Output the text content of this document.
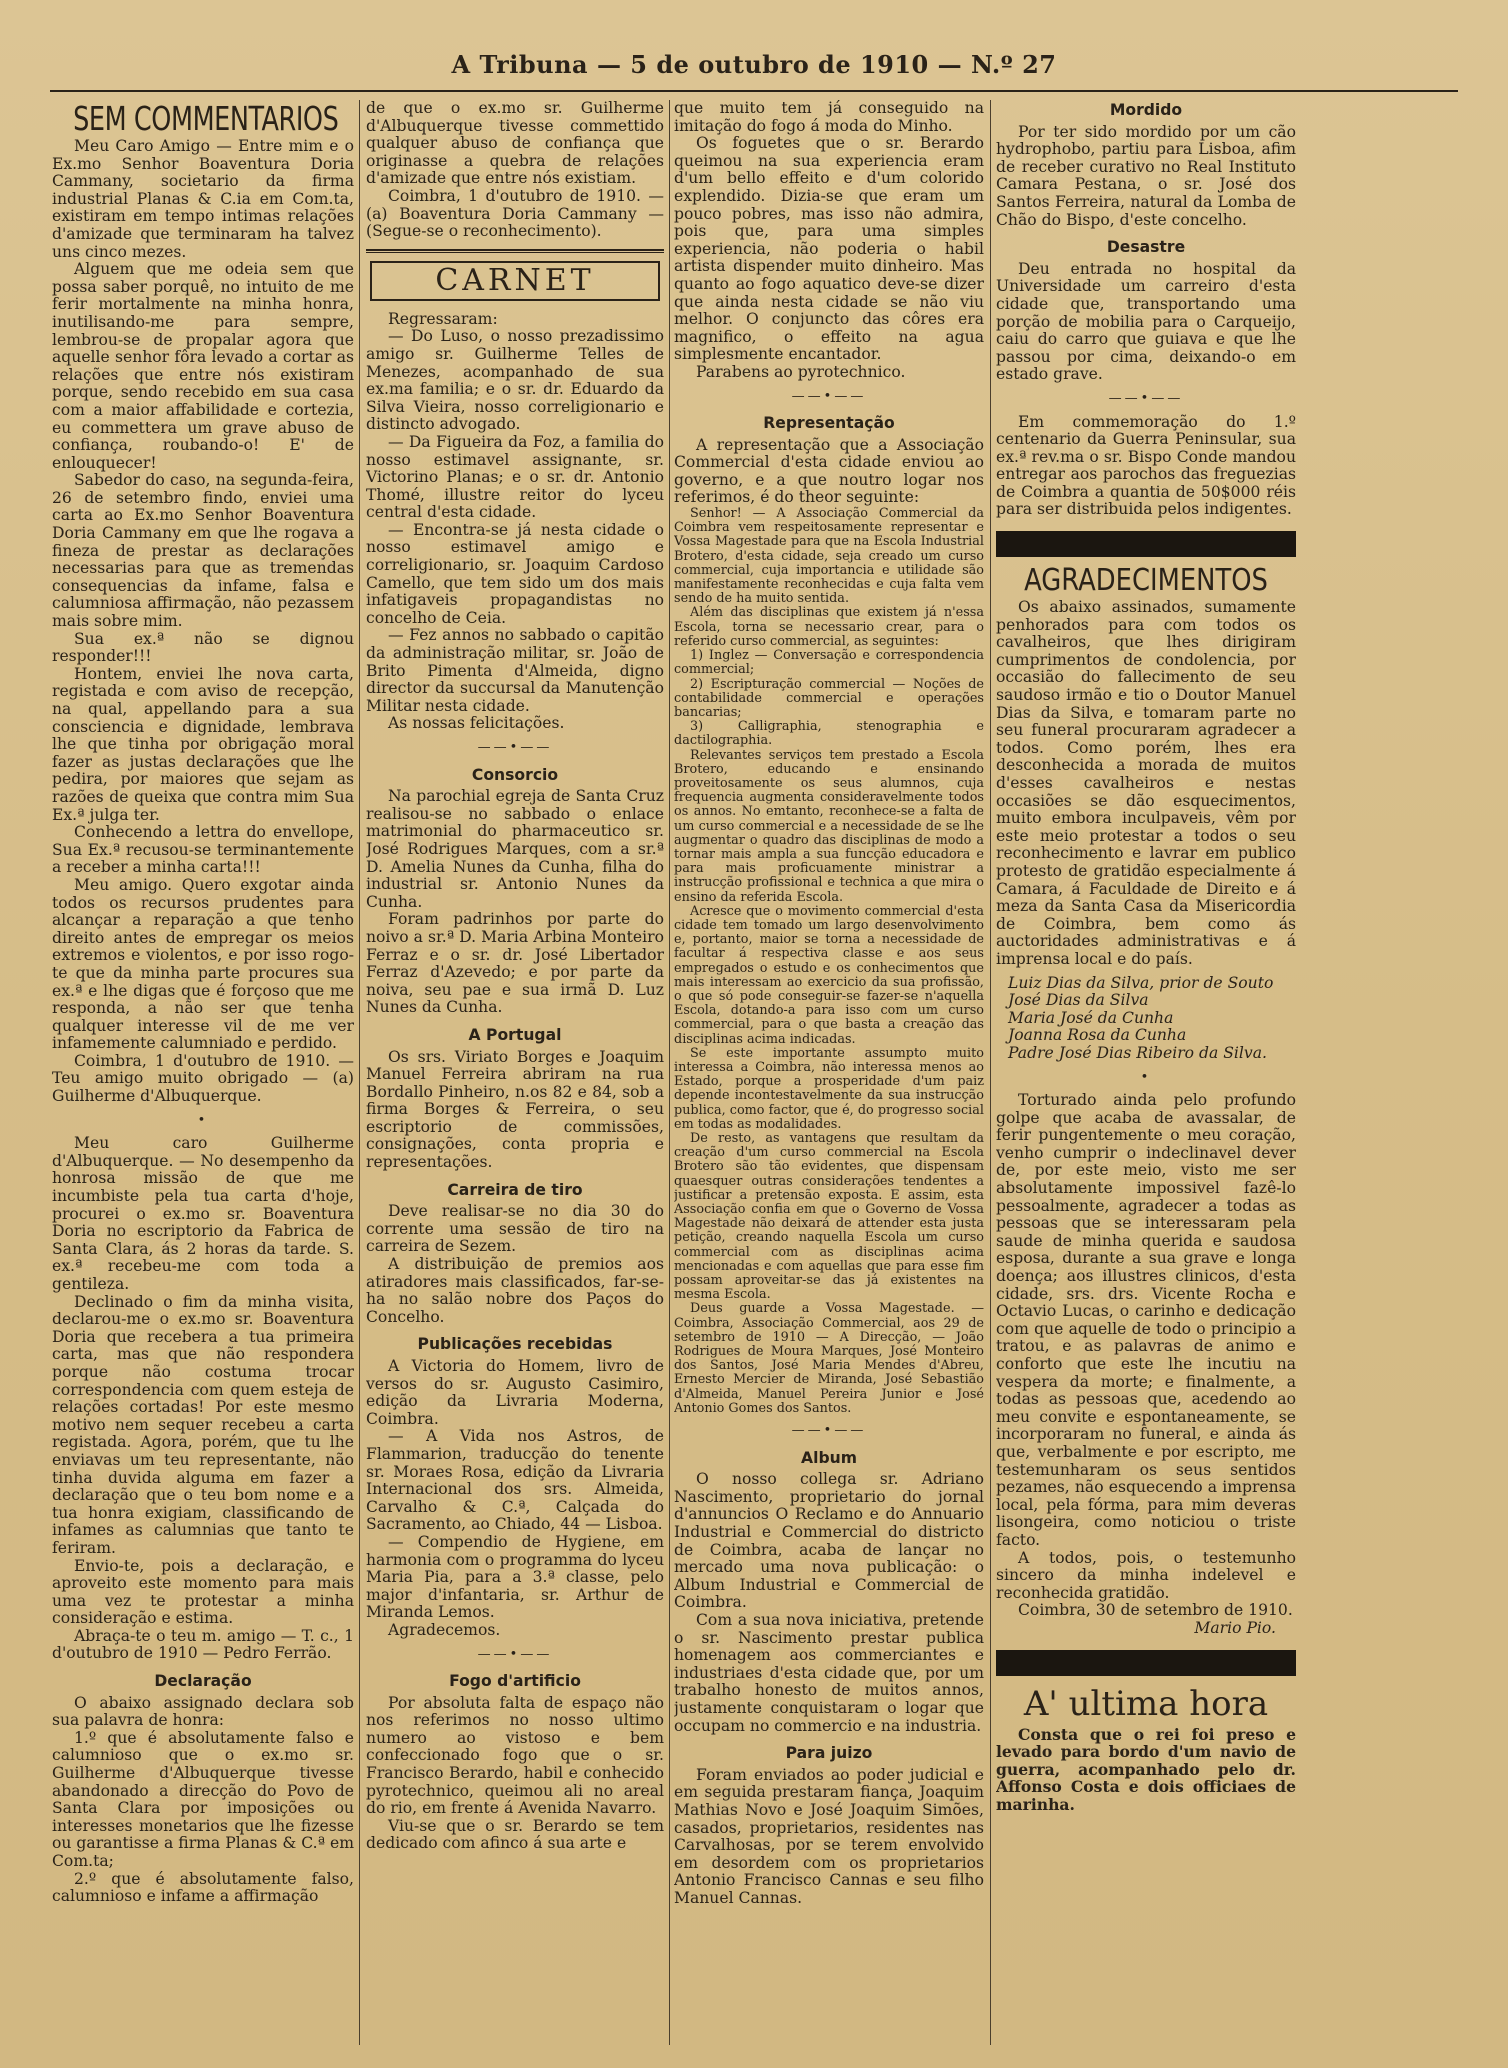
A Tribuna — 5 de outubro de 1910 — N.º 27
SEM COMMENTARIOS

Meu Caro Amigo — Entre mim e o Ex.mo Senhor Boaventura Doria Cammany, societario da firma industrial Planas & C.ia em Com.ta, existiram em tempo intimas relações d'amizade que terminaram ha talvez uns cinco mezes.

Alguem que me odeia sem que possa saber porquê, no intuito de me ferir mortalmente na minha honra, inutilisando-me para sempre, lembrou-se de propalar agora que aquelle senhor fôra levado a cortar as relações que entre nós existiram porque, sendo recebido em sua casa com a maior affabilidade e cortezia, eu commettera um grave abuso de confiança, roubando-o! E' de enlouquecer!

Sabedor do caso, na segunda-feira, 26 de setembro findo, enviei uma carta ao Ex.mo Senhor Boaventura Doria Cammany em que lhe rogava a fineza de prestar as declarações necessarias para que as tremendas consequencias da infame, falsa e calumniosa affirmação, não pezassem mais sobre mim.

Sua ex.ª não se dignou responder!!!

Hontem, enviei lhe nova carta, registada e com aviso de recepção, na qual, appellando para a sua consciencia e dignidade, lembrava lhe que tinha por obrigação moral fazer as justas declarações que lhe pedira, por maiores que sejam as razões de queixa que contra mim Sua Ex.ª julga ter.

Conhecendo a lettra do envellope, Sua Ex.ª recusou-se terminantemente a receber a minha carta!!!

Meu amigo. Quero exgotar ainda todos os recursos prudentes para alcançar a reparação a que tenho direito antes de empregar os meios extremos e violentos, e por isso rogo-te que da minha parte procures sua ex.ª e lhe digas que é forçoso que me responda, a não ser que tenha qualquer interesse vil de me ver infamemente calumniado e perdido.

Coimbra, 1 d'outubro de 1910. — Teu amigo muito obrigado — (a) Guilherme d'Albuquerque.

•

Meu caro Guilherme d'Albuquerque. — No desempenho da honrosa missão de que me incumbiste pela tua carta d'hoje, procurei o ex.mo sr. Boaventura Doria no escriptorio da Fabrica de Santa Clara, ás 2 horas da tarde. S. ex.ª recebeu-me com toda a gentileza.

Declinado o fim da minha visita, declarou-me o ex.mo sr. Boaventura Doria que recebera a tua primeira carta, mas que não respondera porque não costuma trocar correspondencia com quem esteja de relações cortadas! Por este mesmo motivo nem sequer recebeu a carta registada. Agora, porém, que tu lhe enviavas um teu representante, não tinha duvida alguma em fazer a declaração que o teu bom nome e a tua honra exigiam, classificando de infames as calumnias que tanto te feriram.

Envio-te, pois a declaração, e aproveito este momento para mais uma vez te protestar a minha consideração e estima.

Abraça-te o teu m. amigo — T. c., 1 d'outubro de 1910 — Pedro Ferrão.

Declaração

O abaixo assignado declara sob sua palavra de honra:

1.º que é absolutamente falso e calumnioso que o ex.mo sr. Guilherme d'Albuquerque tivesse abandonado a direcção do Povo de Santa Clara por imposições ou interesses monetarios que lhe fizesse ou garantisse a firma Planas & C.ª em Com.ta;

2.º que é absolutamente falso, calumnioso e infame a affirmação

de que o ex.mo sr. Guilherme d'Albuquerque tivesse commettido qualquer abuso de confiança que originasse a quebra de relações d'amizade que entre nós existiam.

Coimbra, 1 d'outubro de 1910. — (a) Boaventura Doria Cammany — (Segue-se o reconhecimento).

CARNET

Regressaram:

— Do Luso, o nosso prezadissimo amigo sr. Guilherme Telles de Menezes, acompanhado de sua ex.ma familia; e o sr. dr. Eduardo da Silva Vieira, nosso correligionario e distincto advogado.

— Da Figueira da Foz, a familia do nosso estimavel assignante, sr. Victorino Planas; e o sr. dr. Antonio Thomé, illustre reitor do lyceu central d'esta cidade.

— Encontra-se já nesta cidade o nosso estimavel amigo e correligionario, sr. Joaquim Cardoso Camello, que tem sido um dos mais infatigaveis propagandistas no concelho de Ceia.

— Fez annos no sabbado o capitão da administração militar, sr. João de Brito Pimenta d'Almeida, digno director da succursal da Manutenção Militar nesta cidade.

As nossas felicitações.

——•——
Consorcio

Na parochial egreja de Santa Cruz realisou-se no sabbado o enlace matrimonial do pharmaceutico sr. José Rodrigues Marques, com a sr.ª D. Amelia Nunes da Cunha, filha do industrial sr. Antonio Nunes da Cunha.

Foram padrinhos por parte do noivo a sr.ª D. Maria Arbina Monteiro Ferraz e o sr. dr. José Libertador Ferraz d'Azevedo; e por parte da noiva, seu pae e sua irmã D. Luz Nunes da Cunha.

A Portugal

Os srs. Viriato Borges e Joaquim Manuel Ferreira abriram na rua Bordallo Pinheiro, n.os 82 e 84, sob a firma Borges & Ferreira, o seu escriptorio de commissões, consignações, conta propria e representações.

Carreira de tiro

Deve realisar-se no dia 30 do corrente uma sessão de tiro na carreira de Sezem.

A distribuição de premios aos atiradores mais classificados, far-se-ha no salão nobre dos Paços do Concelho.

Publicações recebidas

A Victoria do Homem, livro de versos do sr. Augusto Casimiro, edição da Livraria Moderna, Coimbra.

— A Vida nos Astros, de Flammarion, traducção do tenente sr. Moraes Rosa, edição da Livraria Internacional dos srs. Almeida, Carvalho & C.ª, Calçada do Sacramento, ao Chiado, 44 — Lisboa.

— Compendio de Hygiene, em harmonia com o programma do lyceu Maria Pia, para a 3.ª classe, pelo major d'infantaria, sr. Arthur de Miranda Lemos.

Agradecemos.

——•——
Fogo d'artificio

Por absoluta falta de espaço não nos referimos no nosso ultimo numero ao vistoso e bem confeccionado fogo que o sr. Francisco Berardo, habil e conhecido pyrotechnico, queimou ali no areal do rio, em frente á Avenida Navarro.

Viu-se que o sr. Berardo se tem dedicado com afinco á sua arte e

que muito tem já conseguido na imitação do fogo á moda do Minho.

Os foguetes que o sr. Berardo queimou na sua experiencia eram d'um bello effeito e d'um colorido explendido. Dizia-se que eram um pouco pobres, mas isso não admira, pois que, para uma simples experiencia, não poderia o habil artista dispender muito dinheiro. Mas quanto ao fogo aquatico deve-se dizer que ainda nesta cidade se não viu melhor. O conjuncto das côres era magnifico, o effeito na agua simplesmente encantador.

Parabens ao pyrotechnico.

——•——
Representação

A representação que a Associação Commercial d'esta cidade enviou ao governo, e a que noutro logar nos referimos, é do theor seguinte:

Senhor! — A Associação Commercial da Coimbra vem respeitosamente representar e Vossa Magestade para que na Escola Industrial Brotero, d'esta cidade, seja creado um curso commercial, cuja importancia e utilidade são manifestamente reconhecidas e cuja falta vem sendo de ha muito sentida.

Além das disciplinas que existem já n'essa Escola, torna se necessario crear, para o referido curso commercial, as seguintes:

1) Inglez — Conversação e correspondencia commercial;

2) Escripturação commercial — Noções de contabilidade commercial e operações bancarias;

3) Calligraphia, stenographia e dactilographia.

Relevantes serviços tem prestado a Escola Brotero, educando e ensinando proveitosamente os seus alumnos, cuja frequencia augmenta consideravelmente todos os annos. No emtanto, reconhece-se a falta de um curso commercial e a necessidade de se lhe augmentar o quadro das disciplinas de modo a tornar mais ampla a sua funcção educadora e para mais proficuamente ministrar a instrucção profissional e technica a que mira o ensino da referida Escola.

Acresce que o movimento commercial d'esta cidade tem tomado um largo desenvolvimento e, portanto, maior se torna a necessidade de facultar á respectiva classe e aos seus empregados o estudo e os conhecimentos que mais interessam ao exercicio da sua profissão, o que só pode conseguir-se fazer-se n'aquella Escola, dotando-a para isso com um curso commercial, para o que basta a creação das disciplinas acima indicadas.

Se este importante assumpto muito interessa a Coimbra, não interessa menos ao Estado, porque a prosperidade d'um paiz depende incontestavelmente da sua instrucção publica, como factor, que é, do progresso social em todas as modalidades.

De resto, as vantagens que resultam da creação d'um curso commercial na Escola Brotero são tão evidentes, que dispensam quaesquer outras considerações tendentes a justificar a pretensão exposta. E assim, esta Associação confia em que o Governo de Vossa Magestade não deixará de attender esta justa petição, creando naquella Escola um curso commercial com as disciplinas acima mencionadas e com aquellas que para esse fim possam aproveitar-se das já existentes na mesma Escola.

Deus guarde a Vossa Magestade. — Coimbra, Associação Commercial, aos 29 de setembro de 1910 — A Direcção, — João Rodrigues de Moura Marques, José Monteiro dos Santos, José Maria Mendes d'Abreu, Ernesto Mercier de Miranda, José Sebastião d'Almeida, Manuel Pereira Junior e José Antonio Gomes dos Santos.

——•——
Album

O nosso collega sr. Adriano Nascimento, proprietario do jornal d'annuncios O Reclamo e do Annuario Industrial e Commercial do districto de Coimbra, acaba de lançar no mercado uma nova publicação: o Album Industrial e Commercial de Coimbra.

Com a sua nova iniciativa, pretende o sr. Nascimento prestar publica homenagem aos commerciantes e industriaes d'esta cidade que, por um trabalho honesto de muitos annos, justamente conquistaram o logar que occupam no commercio e na industria.

Para juizo

Foram enviados ao poder judicial e em seguida prestaram fiança, Joaquim Mathias Novo e José Joaquim Simões, casados, proprietarios, residentes nas Carvalhosas, por se terem envolvido em desordem com os proprietarios Antonio Francisco Cannas e seu filho Manuel Cannas.

Mordido

Por ter sido mordido por um cão hydrophobo, partiu para Lisboa, afim de receber curativo no Real Instituto Camara Pestana, o sr. José dos Santos Ferreira, natural da Lomba de Chão do Bispo, d'este concelho.

Desastre

Deu entrada no hospital da Universidade um carreiro d'esta cidade que, transportando uma porção de mobilia para o Carqueijo, caiu do carro que guiava e que lhe passou por cima, deixando-o em estado grave.

——•——

Em commemoração do 1.º centenario da Guerra Peninsular, sua ex.ª rev.ma o sr. Bispo Conde mandou entregar aos parochos das freguezias de Coimbra a quantia de 50$000 réis para ser distribuida pelos indigentes.

AGRADECIMENTOS

Os abaixo assinados, sumamente penhorados para com todos os cavalheiros, que lhes dirigiram cumprimentos de condolencia, por occasião do fallecimento de seu saudoso irmão e tio o Doutor Manuel Dias da Silva, e tomaram parte no seu funeral procuraram agradecer a todos. Como porém, lhes era desconhecida a morada de muitos d'esses cavalheiros e nestas occasiões se dão esquecimentos, muito embora inculpaveis, vêm por este meio protestar a todos o seu reconhecimento e lavrar em publico protesto de gratidão especialmente á Camara, á Faculdade de Direito e á meza da Santa Casa da Misericordia de Coimbra, bem como ás auctoridades administrativas e á imprensa local e do país.

Luiz Dias da Silva, prior de Souto
José Dias da Silva
Maria José da Cunha
Joanna Rosa da Cunha
Padre José Dias Ribeiro da Silva.
•

Torturado ainda pelo profundo golpe que acaba de avassalar, de ferir pungentemente o meu coração, venho cumprir o indeclinavel dever de, por este meio, visto me ser absolutamente impossivel fazê-lo pessoalmente, agradecer a todas as pessoas que se interessaram pela saude de minha querida e saudosa esposa, durante a sua grave e longa doença; aos illustres clinicos, d'esta cidade, srs. drs. Vicente Rocha e Octavio Lucas, o carinho e dedicação com que aquelle de todo o principio a tratou, e as palavras de animo e conforto que este lhe incutiu na vespera da morte; e finalmente, a todas as pessoas que, acedendo ao meu convite e espontaneamente, se incorporaram no funeral, e ainda ás que, verbalmente e por escripto, me testemunharam os seus sentidos pezames, não esquecendo a imprensa local, pela fórma, para mim deveras lisongeira, como noticiou o triste facto.

A todos, pois, o testemunho sincero da minha indelevel e reconhecida gratidão.

Coimbra, 30 de setembro de 1910.

Mario Pio.
A' ultima hora

Consta que o rei foi preso e levado para bordo d'um navio de guerra, acompanhado pelo dr. Affonso Costa e dois officiaes de marinha.
